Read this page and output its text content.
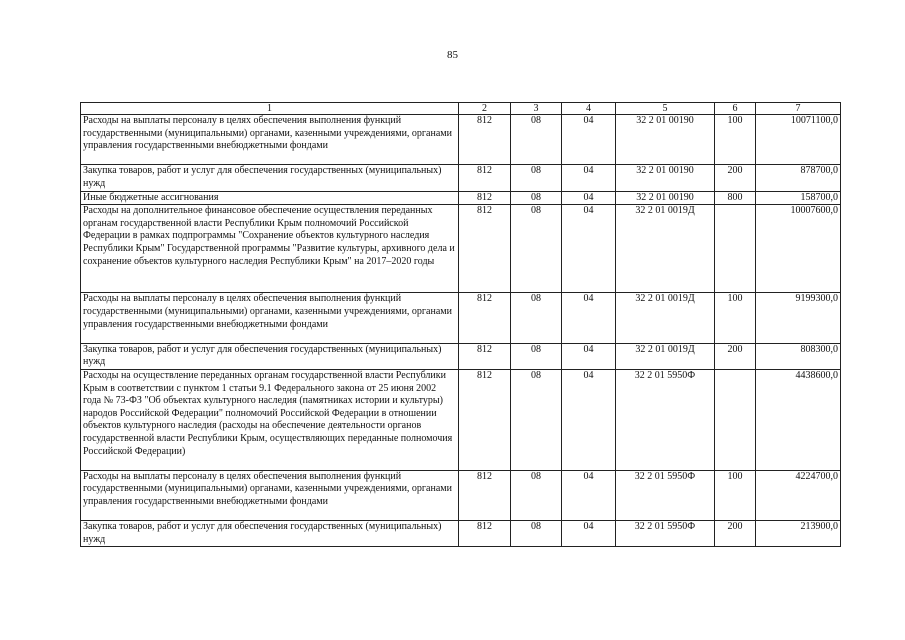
85
1	2	3	4	5	6	7
Расходы на выплаты персоналу в целях обеспечения выполнения функций государственными (муниципальными) органами, казенными учреждениями, органами управления государственными внебюджетными фондами	812	08	04	32 2 01 00190	100	10071100,0
Закупка товаров, работ и услуг для обеспечения государственных (муниципальных) нужд	812	08	04	32 2 01 00190	200	878700,0
Иные бюджетные ассигнования	812	08	04	32 2 01 00190	800	158700,0
Расходы на дополнительное финансовое обеспечение осуществления переданных органам государственной власти Республики Крым полномочий Российской Федерации в рамках подпрограммы "Сохранение объектов культурного наследия Республики Крым" Государственной программы "Развитие культуры, архивного дела и сохранение объектов культурного наследия Республики Крым" на 2017–2020 годы	812	08	04	32 2 01 0019Д		10007600,0
Расходы на выплаты персоналу в целях обеспечения выполнения функций государственными (муниципальными) органами, казенными учреждениями, органами управления государственными внебюджетными фондами	812	08	04	32 2 01 0019Д	100	9199300,0
Закупка товаров, работ и услуг для обеспечения государственных (муниципальных) нужд	812	08	04	32 2 01 0019Д	200	808300,0
Расходы на осуществление переданных органам государственной власти Республики Крым в соответствии с пунктом 1 статьи 9.1 Федерального закона от 25 июня 2002 года № 73-ФЗ "Об объектах культурного наследия (памятниках истории и культуры) народов Российской Федерации" полномочий Российской Федерации в отношении объектов культурного наследия (расходы на обеспечение деятельности органов государственной власти Республики Крым, осуществляющих переданные полномочия Российской Федерации)	812	08	04	32 2 01 5950Ф		4438600,0
Расходы на выплаты персоналу в целях обеспечения выполнения функций государственными (муниципальными) органами, казенными учреждениями, органами управления государственными внебюджетными фондами	812	08	04	32 2 01 5950Ф	100	4224700,0
Закупка товаров, работ и услуг для обеспечения государственных (муниципальных) нужд	812	08	04	32 2 01 5950Ф	200	213900,0
